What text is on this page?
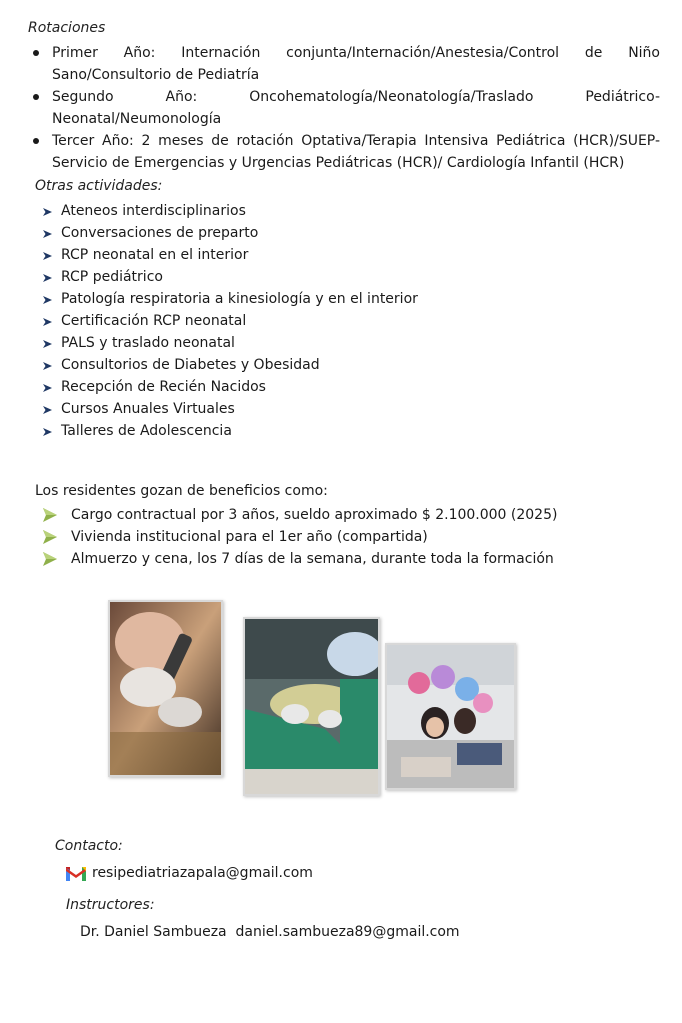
Rotaciones
Primer Año: Internación conjunta/Internación/Anestesia/Control de Niño Sano/Consultorio de Pediatría
Segundo Año: Oncohematología/Neonatología/Traslado Pediátrico-Neonatal/Neumonología
Tercer Año: 2 meses de rotación Optativa/Terapia Intensiva Pediátrica (HCR)/SUEP- Servicio de Emergencias y Urgencias Pediátricas (HCR)/ Cardiología Infantil (HCR)
Otras actividades:
Ateneos interdisciplinarios
Conversaciones de preparto
RCP neonatal en el interior
RCP pediátrico
Patología respiratoria a kinesiología y en el interior
Certificación RCP neonatal
PALS y traslado neonatal
Consultorios de Diabetes y Obesidad
Recepción de Recién Nacidos
Cursos Anuales Virtuales
Talleres de Adolescencia
Los residentes gozan de beneficios como:
Cargo contractual por 3 años, sueldo aproximado $ 2.100.000 (2025)
Vivienda institucional para el 1er año (compartida)
Almuerzo y cena, los 7 días de la semana, durante toda la formación
Contacto:
resipediatriazapala@gmail.com
Instructores:
Dr. Daniel Sambueza  daniel.sambueza89@gmail.com
